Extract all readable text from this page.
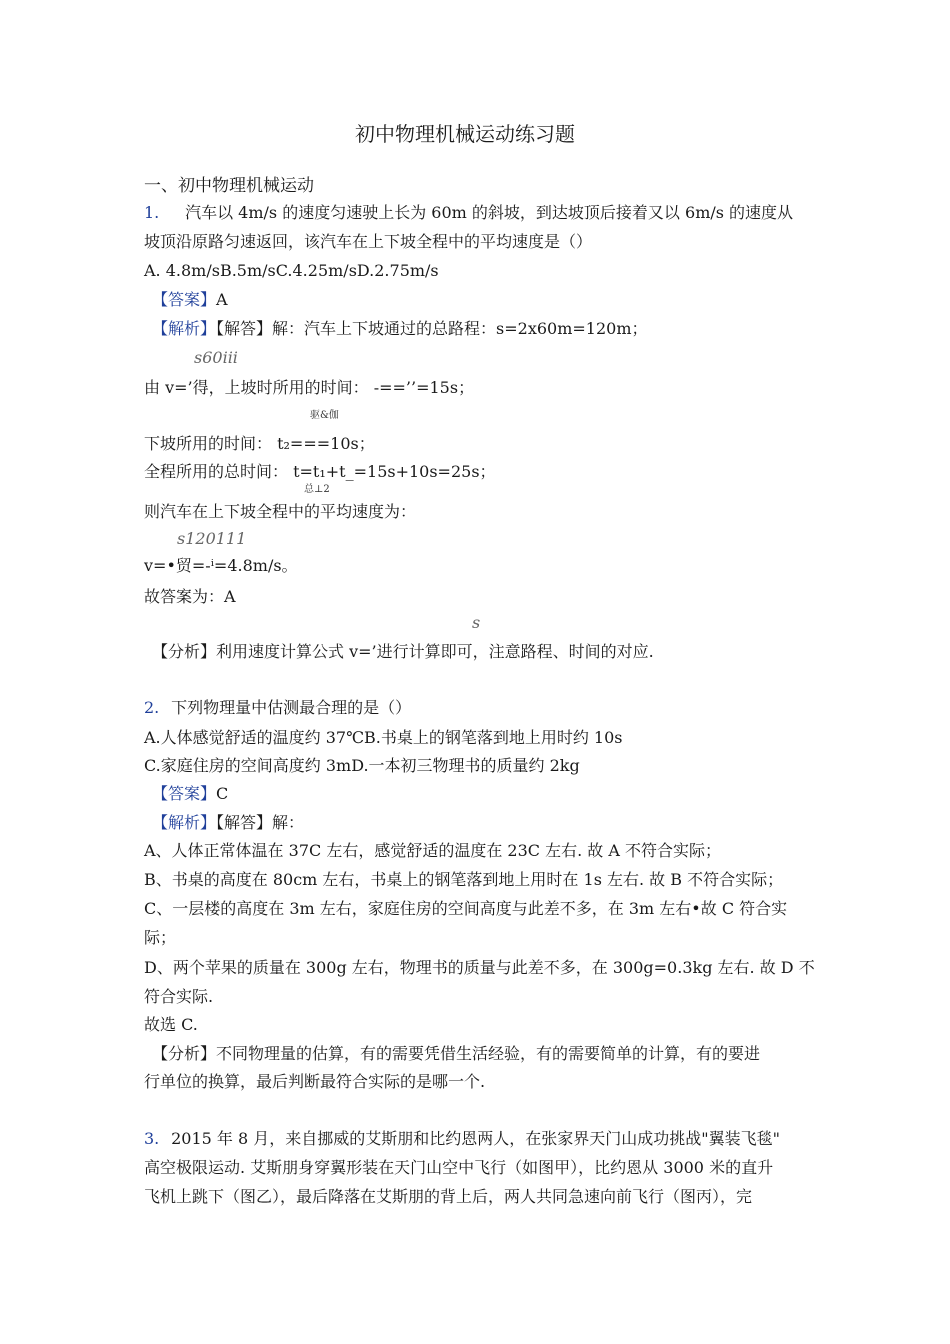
初中物理机械运动练习题
一、初中物理机械运动
1. 汽车以 4m/s 的速度匀速驶上长为 60m 的斜坡，到达坡顶后接着又以 6m/s 的速度从
坡顶沿原路匀速返回，该汽车在上下坡全程中的平均速度是（）
A. 4.8m/sB.5m/sC.4.25m/sD.2.75m/s
【答案】A
【解析】【解答】解：汽车上下坡通过的总路程：s=2x60m=120m；
s60iii
由 v=’得，上坡时所用的时间： -==’’=15s；
驱&伽
下坡所用的时间： t₂===10s；
全程所用的总时间： t=t₁+t_=15s+10s=25s；
总⊥2
则汽车在上下坡全程中的平均速度为：
s120111
v=•贸=-ⁱ=4.8m/s。
故答案为：A
s
【分析】利用速度计算公式 v=’进行计算即可，注意路程、时间的对应.
2. 下列物理量中估测最合理的是（）
A.人体感觉舒适的温度约 37℃B.书桌上的钢笔落到地上用时约 10s
C.家庭住房的空间高度约 3mD.一本初三物理书的质量约 2kg
【答案】C
【解析】【解答】解：
A、人体正常体温在 37C 左右，感觉舒适的温度在 23C 左右. 故 A 不符合实际；
B、书桌的高度在 80cm 左右，书桌上的钢笔落到地上用时在 1s 左右. 故 B 不符合实际；
C、一层楼的高度在 3m 左右，家庭住房的空间高度与此差不多，在 3m 左右•故 C 符合实
际；
D、两个苹果的质量在 300g 左右，物理书的质量与此差不多，在 300g=0.3kg 左右. 故 D 不
符合实际.
故选 C.
【分析】不同物理量的估算，有的需要凭借生活经验，有的需要简单的计算，有的要进
行单位的换算，最后判断最符合实际的是哪一个.
3. 2015 年 8 月，来自挪威的艾斯朋和比约恩两人，在张家界天门山成功挑战"翼装飞毯"
高空极限运动. 艾斯朋身穿翼形装在天门山空中飞行（如图甲），比约恩从 3000 米的直升
飞机上跳下（图乙），最后降落在艾斯朋的背上后，两人共同急速向前飞行（图丙），完
